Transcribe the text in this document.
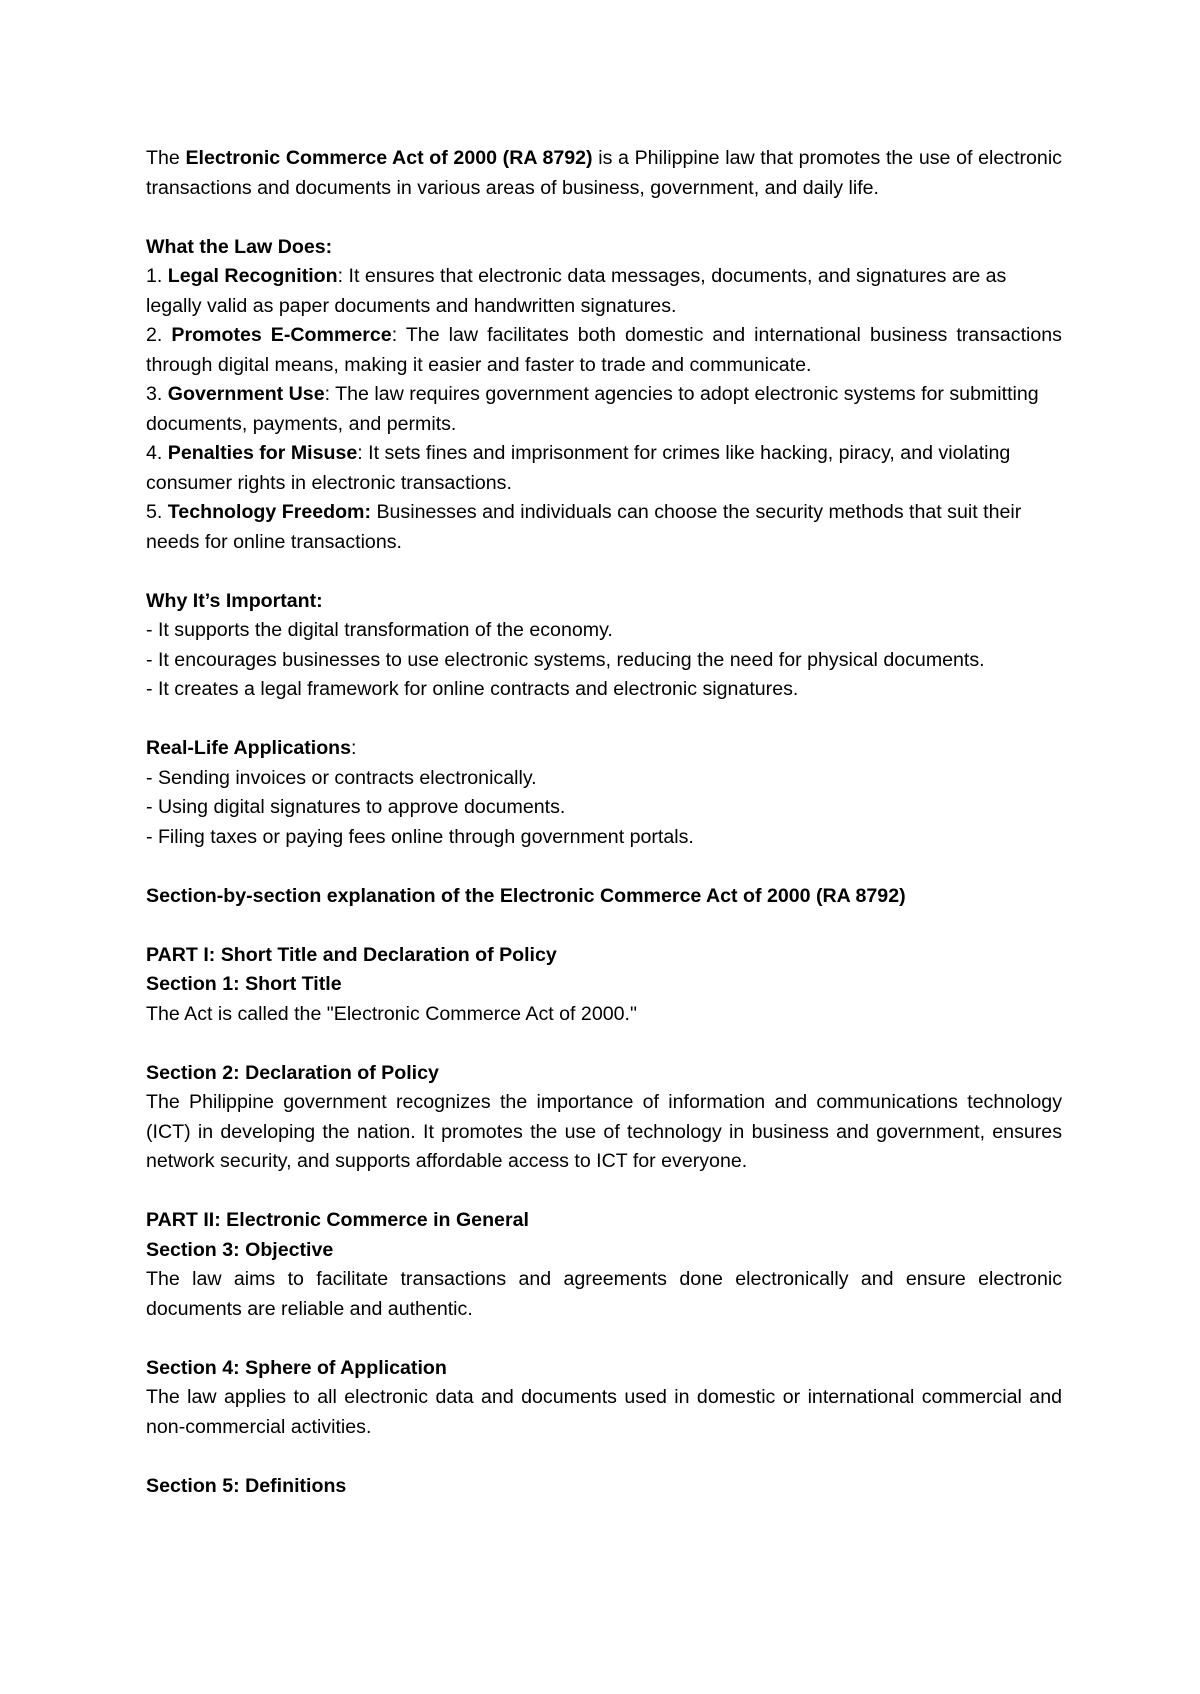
The Electronic Commerce Act of 2000 (RA 8792) is a Philippine law that promotes the use of electronic transactions and documents in various areas of business, government, and daily life.

What the Law Does:

1. Legal Recognition: It ensures that electronic data messages, documents, and signatures are as legally valid as paper documents and handwritten signatures.

2. Promotes E-Commerce: The law facilitates both domestic and international business transactions through digital means, making it easier and faster to trade and communicate.

3. Government Use: The law requires government agencies to adopt electronic systems for submitting documents, payments, and permits.

4. Penalties for Misuse: It sets fines and imprisonment for crimes like hacking, piracy, and violating consumer rights in electronic transactions.

5. Technology Freedom: Businesses and individuals can choose the security methods that suit their needs for online transactions.

Why It’s Important:

- It supports the digital transformation of the economy.

- It encourages businesses to use electronic systems, reducing the need for physical documents.

- It creates a legal framework for online contracts and electronic signatures.

Real-Life Applications:

- Sending invoices or contracts electronically.

- Using digital signatures to approve documents.

- Filing taxes or paying fees online through government portals.

Section-by-section explanation of the Electronic Commerce Act of 2000 (RA 8792)

PART I: Short Title and Declaration of Policy

Section 1: Short Title

The Act is called the "Electronic Commerce Act of 2000."

Section 2: Declaration of Policy

The Philippine government recognizes the importance of information and communications technology (ICT) in developing the nation. It promotes the use of technology in business and government, ensures network security, and supports affordable access to ICT for everyone.

PART II: Electronic Commerce in General

Section 3: Objective

The law aims to facilitate transactions and agreements done electronically and ensure electronic documents are reliable and authentic.

Section 4: Sphere of Application

The law applies to all electronic data and documents used in domestic or international commercial and non-commercial activities.

Section 5: Definitions
